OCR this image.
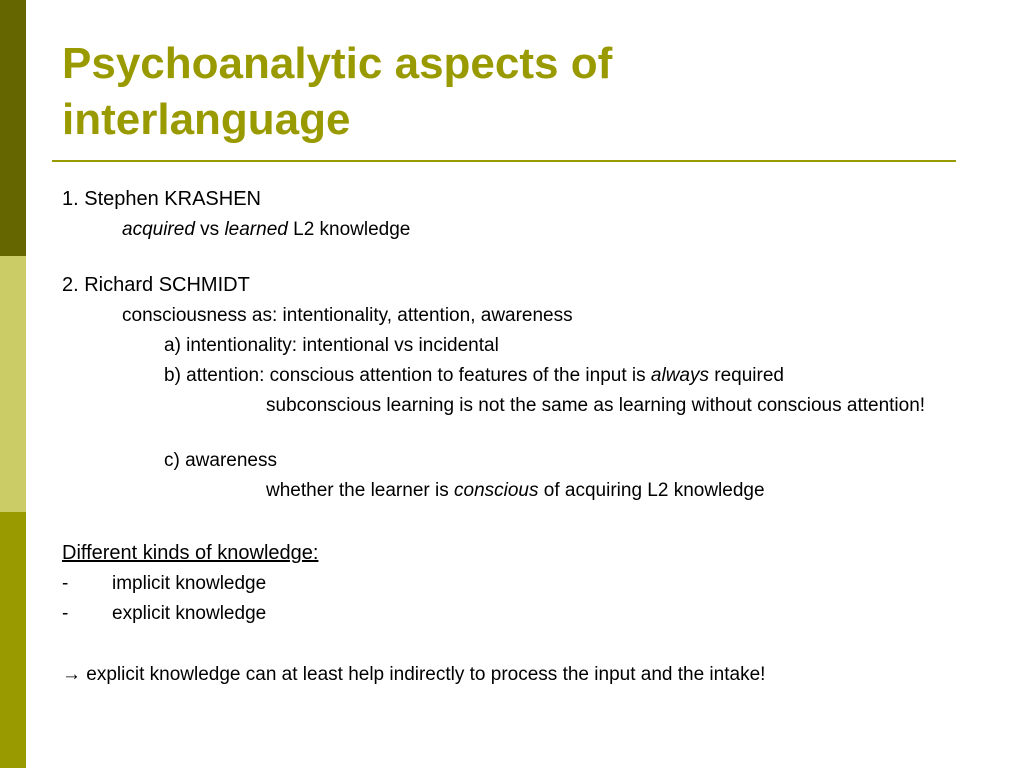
Psychoanalytic aspects of
interlanguage
1. Stephen KRASHEN
acquired vs learned L2 knowledge
2. Richard SCHMIDT
consciousness as: intentionality, attention, awareness
a) intentionality: intentional vs incidental
b) attention: conscious attention to features of the input is always required
subconscious learning is not the same as learning without conscious attention!
c) awareness
whether the learner is conscious of acquiring L2 knowledge
Different kinds of knowledge:
- implicit knowledge
- explicit knowledge
→ explicit knowledge can at least help indirectly to process the input and the intake!
